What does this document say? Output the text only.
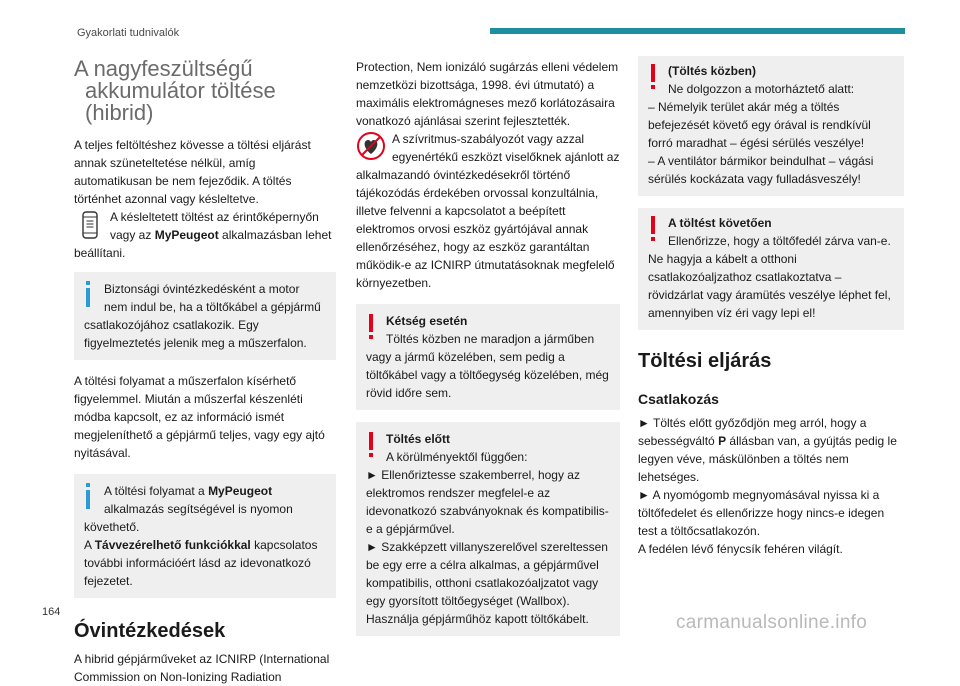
Gyakorlati tudnivalók
A nagyfeszültségű
akkumulátor töltése
(hibrid)

A teljes feltöltéshez kövesse a töltési eljárást annak szüneteltetése nélkül, amíg automatikusan be nem fejeződik. A töltés történhet azonnal vagy késleltetve.

A késleltetett töltést az érintőképernyőn vagy az MyPeugeot alkalmazásban lehet beállítani.

Biztonsági óvintézkedésként a motor nem indul be, ha a töltőkábel a gépjármű csatlakozójához csatlakozik. Egy figyelmeztetés jelenik meg a műszerfalon.

A töltési folyamat a műszerfalon kísérhető figyelemmel. Miután a műszerfal készenléti módba kapcsolt, ez az információ ismét megjeleníthető a gépjármű teljes, vagy egy ajtó nyitásával.

A töltési folyamat a MyPeugeot alkalmazás segítségével is nyomon követhető.

A Távvezérelhető funkciókkal kapcsolatos további információért lásd az idevonatkozó fejezetet.

Óvintézkedések

A hibrid gépjárműveket az ICNIRP (International Commission on Non-Ionizing Radiation

Protection, Nem ionizáló sugárzás elleni védelem nemzetközi bizottsága, 1998. évi útmutató) a maximális elektromágneses mező korlátozásaira vonatkozó ajánlásai szerint fejlesztették.

A szívritmus-szabályozót vagy azzal egyenértékű eszközt viselőknek ajánlott az alkalmazandó óvintézkedésekről történő tájékozódás érdekében orvossal konzultálnia, illetve felvenni a kapcsolatot a beépített elektromos orvosi eszköz gyártójával annak ellenőrzéséhez, hogy az eszköz garantáltan működik-e az ICNIRP útmutatásoknak megfelelő környezetben.

Kétség esetén

Töltés közben ne maradjon a járműben vagy a jármű közelében, sem pedig a töltőkábel vagy a töltőegység közelében, még rövid időre sem.

Töltés előtt

A körülményektől függően:

► Ellenőriztesse szakemberrel, hogy az elektromos rendszer megfelel-e az idevonatkozó szabványoknak és kompatibilis-e a gépjárművel.

► Szakképzett villanyszerelővel szereltessen be egy erre a célra alkalmas, a gépjárművel kompatibilis, otthoni csatlakozóaljzatot vagy egy gyorsított töltőegységet (Wallbox).

Használja gépjárműhöz kapott töltőkábelt.

(Töltés közben)

Ne dolgozzon a motorháztető alatt:

– Némelyik terület akár még a töltés befejezését követő egy órával is rendkívül forró maradhat – égési sérülés veszélye!

– A ventilátor bármikor beindulhat – vágási sérülés kockázata vagy fulladásveszély!

A töltést követően

Ellenőrizze, hogy a töltőfedél zárva van-e.

Ne hagyja a kábelt a otthoni csatlakozóaljzathoz csatlakoztatva – rövidzárlat vagy áramütés veszélye léphet fel, amennyiben víz éri vagy lepi el!

Töltési eljárás
Csatlakozás

► Töltés előtt győződjön meg arról, hogy a sebességváltó P állásban van, a gyújtás pedig le legyen véve, máskülönben a töltés nem lehetséges.

► A nyomógomb megnyomásával nyissa ki a töltőfedelet és ellenőrizze hogy nincs-e idegen test a töltőcsatlakozón.

A fedélen lévő fénycsík fehéren világít.

164	carmanualsonline.info
